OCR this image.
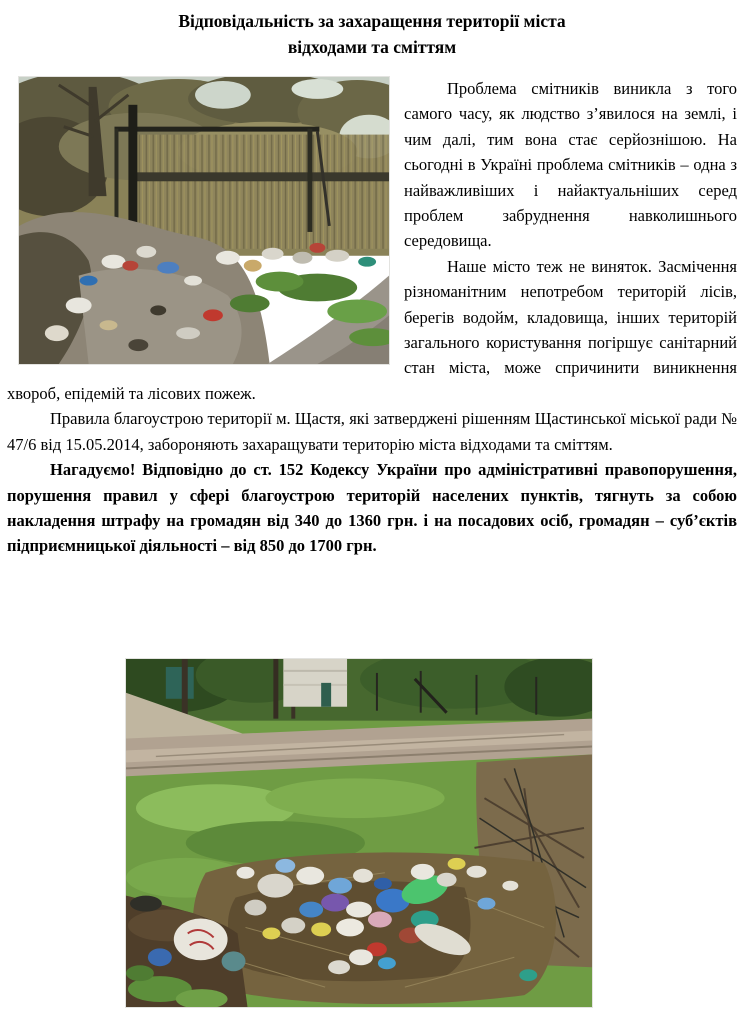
Відповідальність за захаращення території міста
відходами та сміттям

Проблема смітників виникла з того самого часу, як людство з’явилося на землі, і чим далі, тим вона стає серйознішою. На сьогодні в Україні проблема смітників – одна з найважливіших і найактуальніших серед проблем забруднення навколишнього середовища.

Наше місто теж не виняток. Засмічення різноманітним непотребом територій лісів, берегів водойм, кладовища, інших територій загального користування погіршує санітарний стан міста, може спричинити виникнення хвороб, епідемій та лісових пожеж.

Правила благоустрою території м. Щастя, які затверджені рішенням Щастинської міської ради № 47/6 від 15.05.2014, забороняють захаращувати територію міста відходами та сміттям.

Нагадуємо! Відповідно до ст. 152 Кодексу України про адміністративні правопорушення, порушення правил у сфері благоустрою територій населених пунктів, тягнуть за собою накладення штрафу на громадян від 340 до 1360 грн. і на посадових осіб, громадян – суб’єктів підприємницької діяльності – від 850 до 1700 грн.
